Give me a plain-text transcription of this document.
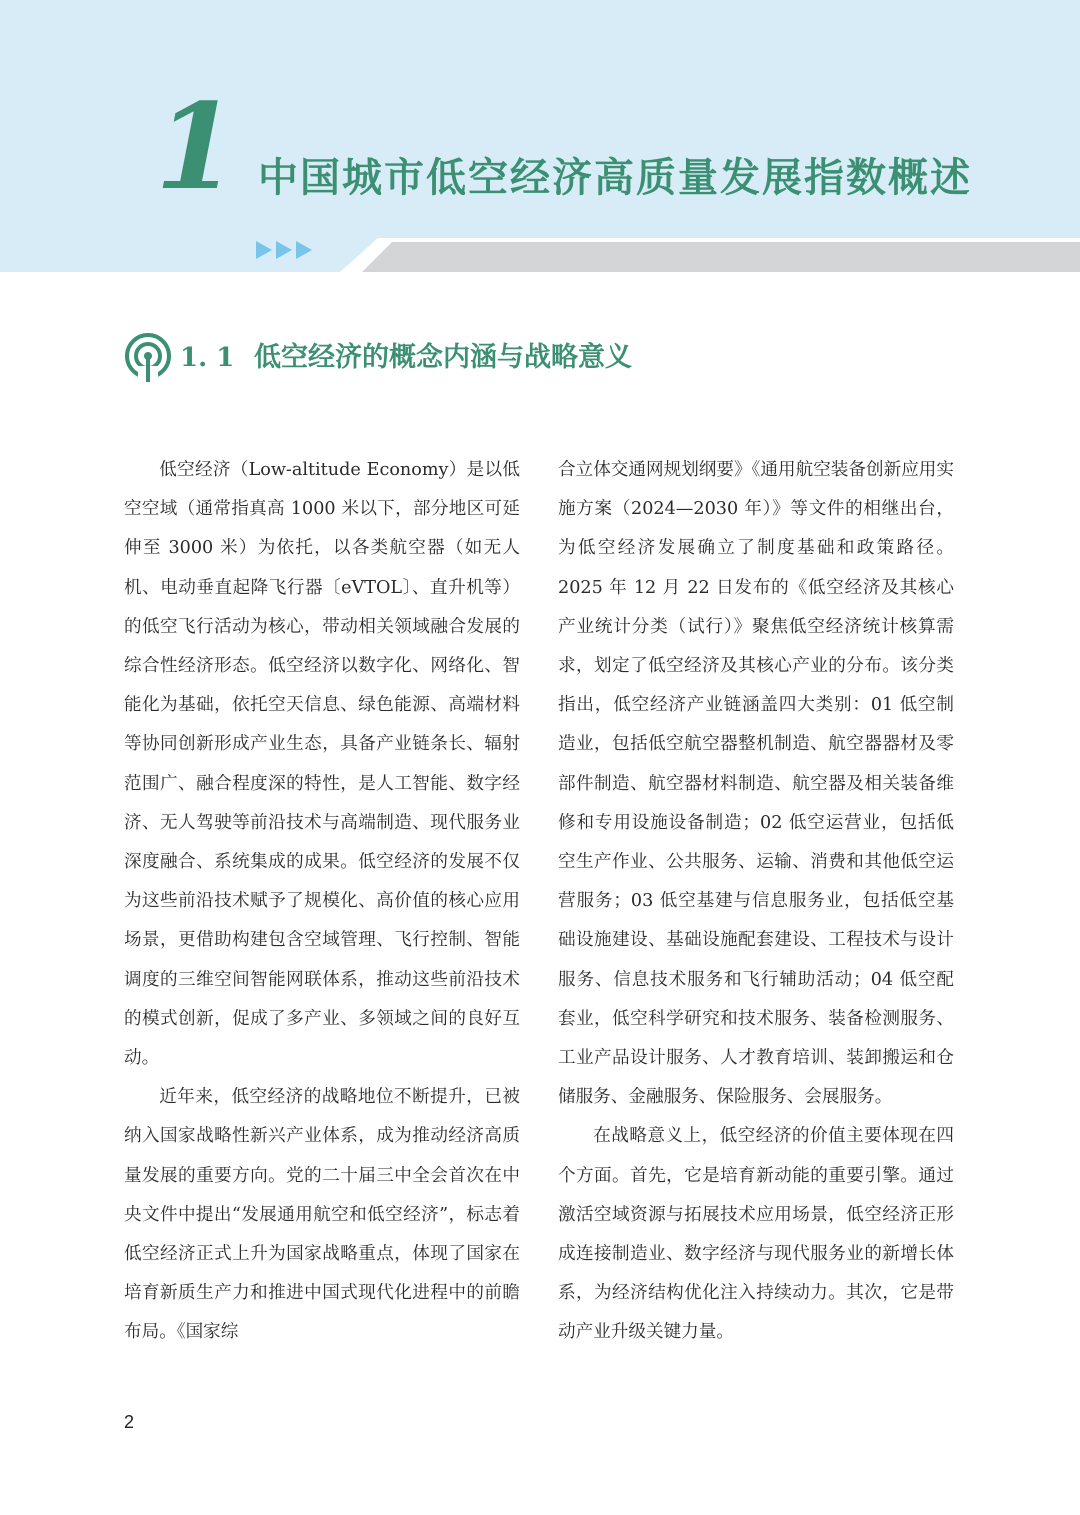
1 中国城市低空经济高质量发展指数概述
1. 1 低空经济的概念内涵与战略意义

低空经济（Low-altitude Economy）是以低空空域（通常指真高 1000 米以下，部分地区可延伸至 3000 米）为依托，以各类航空器（如无人机、电动垂直起降飞行器〔eVTOL〕、直升机等）的低空飞行活动为核心，带动相关领域融合发展的综合性经济形态。低空经济以数字化、网络化、智能化为基础，依托空天信息、绿色能源、高端材料等协同创新形成产业生态，具备产业链条长、辐射范围广、融合程度深的特性，是人工智能、数字经济、无人驾驶等前沿技术与高端制造、现代服务业深度融合、系统集成的成果。低空经济的发展不仅为这些前沿技术赋予了规模化、高价值的核心应用场景，更借助构建包含空域管理、飞行控制、智能调度的三维空间智能网联体系，推动这些前沿技术的模式创新，促成了多产业、多领域之间的良好互动。

近年来，低空经济的战略地位不断提升，已被纳入国家战略性新兴产业体系，成为推动经济高质量发展的重要方向。党的二十届三中全会首次在中央文件中提出“发展通用航空和低空经济”，标志着低空经济正式上升为国家战略重点，体现了国家在培育新质生产力和推进中国式现代化进程中的前瞻布局。《国家综

合立体交通网规划纲要》《通用航空装备创新应用实施方案（2024—2030 年）》等文件的相继出台，为低空经济发展确立了制度基础和政策路径。2025 年 12 月 22 日发布的《低空经济及其核心产业统计分类（试行）》聚焦低空经济统计核算需求，划定了低空经济及其核心产业的分布。该分类指出，低空经济产业链涵盖四大类别：01 低空制造业，包括低空航空器整机制造、航空器器材及零部件制造、航空器材料制造、航空器及相关装备维修和专用设施设备制造；02 低空运营业，包括低空生产作业、公共服务、运输、消费和其他低空运营服务；03 低空基建与信息服务业，包括低空基础设施建设、基础设施配套建设、工程技术与设计服务、信息技术服务和飞行辅助活动；04 低空配套业，低空科学研究和技术服务、装备检测服务、工业产品设计服务、人才教育培训、装卸搬运和仓储服务、金融服务、保险服务、会展服务。

在战略意义上，低空经济的价值主要体现在四个方面。首先，它是培育新动能的重要引擎。通过激活空域资源与拓展技术应用场景，低空经济正形成连接制造业、数字经济与现代服务业的新增长体系，为经济结构优化注入持续动力。其次，它是带动产业升级关键力量。

2
